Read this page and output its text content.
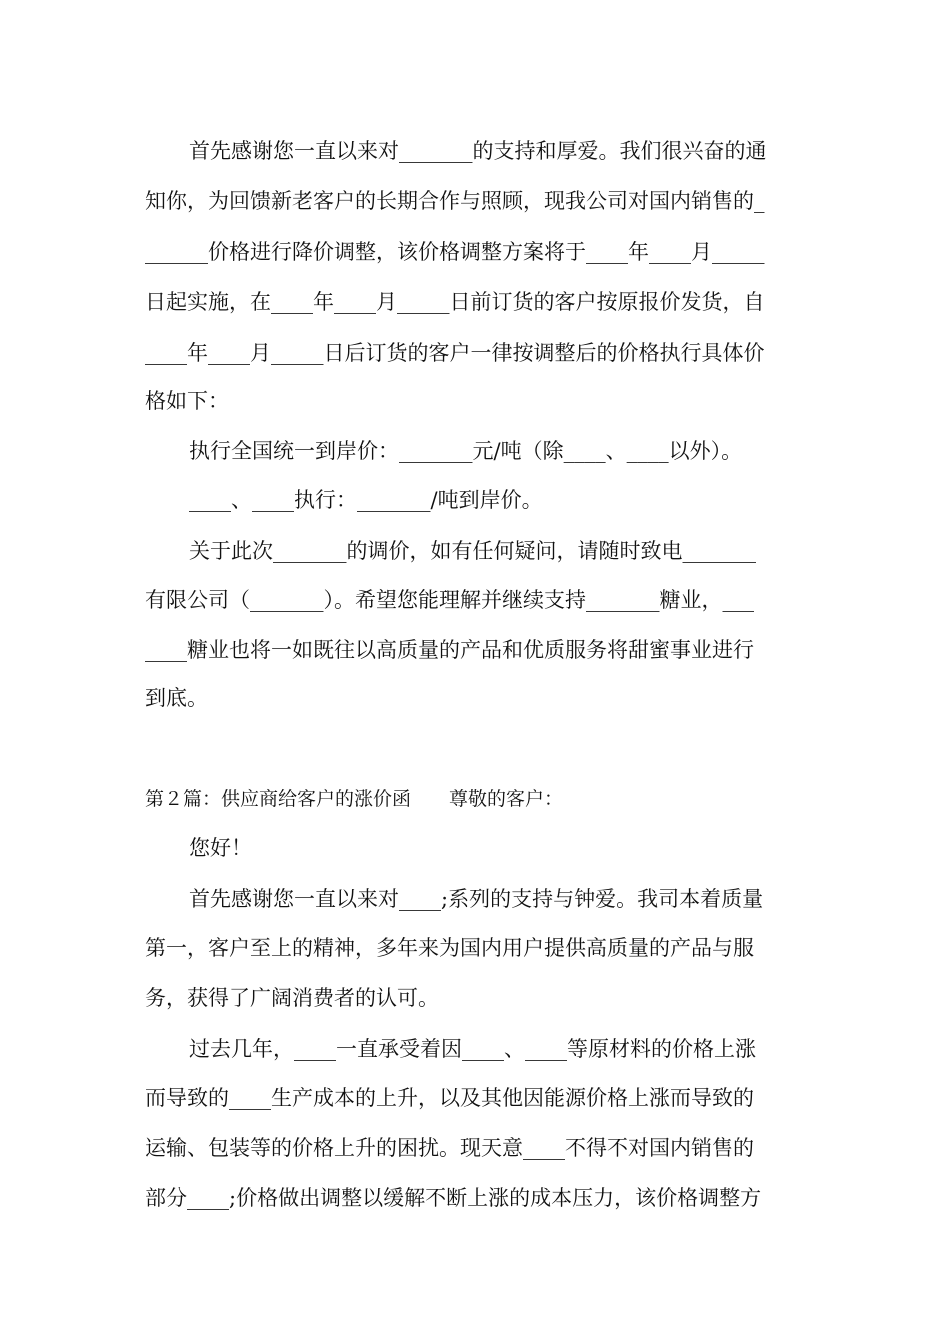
首先感谢您一直以来对_______的支持和厚爱。我们很兴奋的通
知你，为回馈新老客户的长期合作与照顾，现我公司对国内销售的_
______价格进行降价调整，该价格调整方案将于____年____月_____
日起实施，在____年____月_____日前订货的客户按原报价发货，自
____年____月_____日后订货的客户一律按调整后的价格执行具体价
格如下：
执行全国统一到岸价：_______元/吨（除____、____以外）。
____、____执行：_______/吨到岸价。
关于此次_______的调价，如有任何疑问，请随时致电_______
有限公司（_______）。希望您能理解并继续支持_______糖业，___
____糖业也将一如既往以高质量的产品和优质服务将甜蜜事业进行
到底。
第２篇：供应商给客户的涨价函　　尊敬的客户：
您好！
首先感谢您一直以来对____;系列的支持与钟爱。我司本着质量
第一，客户至上的精神，多年来为国内用户提供高质量的产品与服
务，获得了广阔消费者的认可。
过去几年，____一直承受着因____、____等原材料的价格上涨
而导致的____生产成本的上升，以及其他因能源价格上涨而导致的
运输、包装等的价格上升的困扰。现天意____不得不对国内销售的
部分____;价格做出调整以缓解不断上涨的成本压力，该价格调整方
